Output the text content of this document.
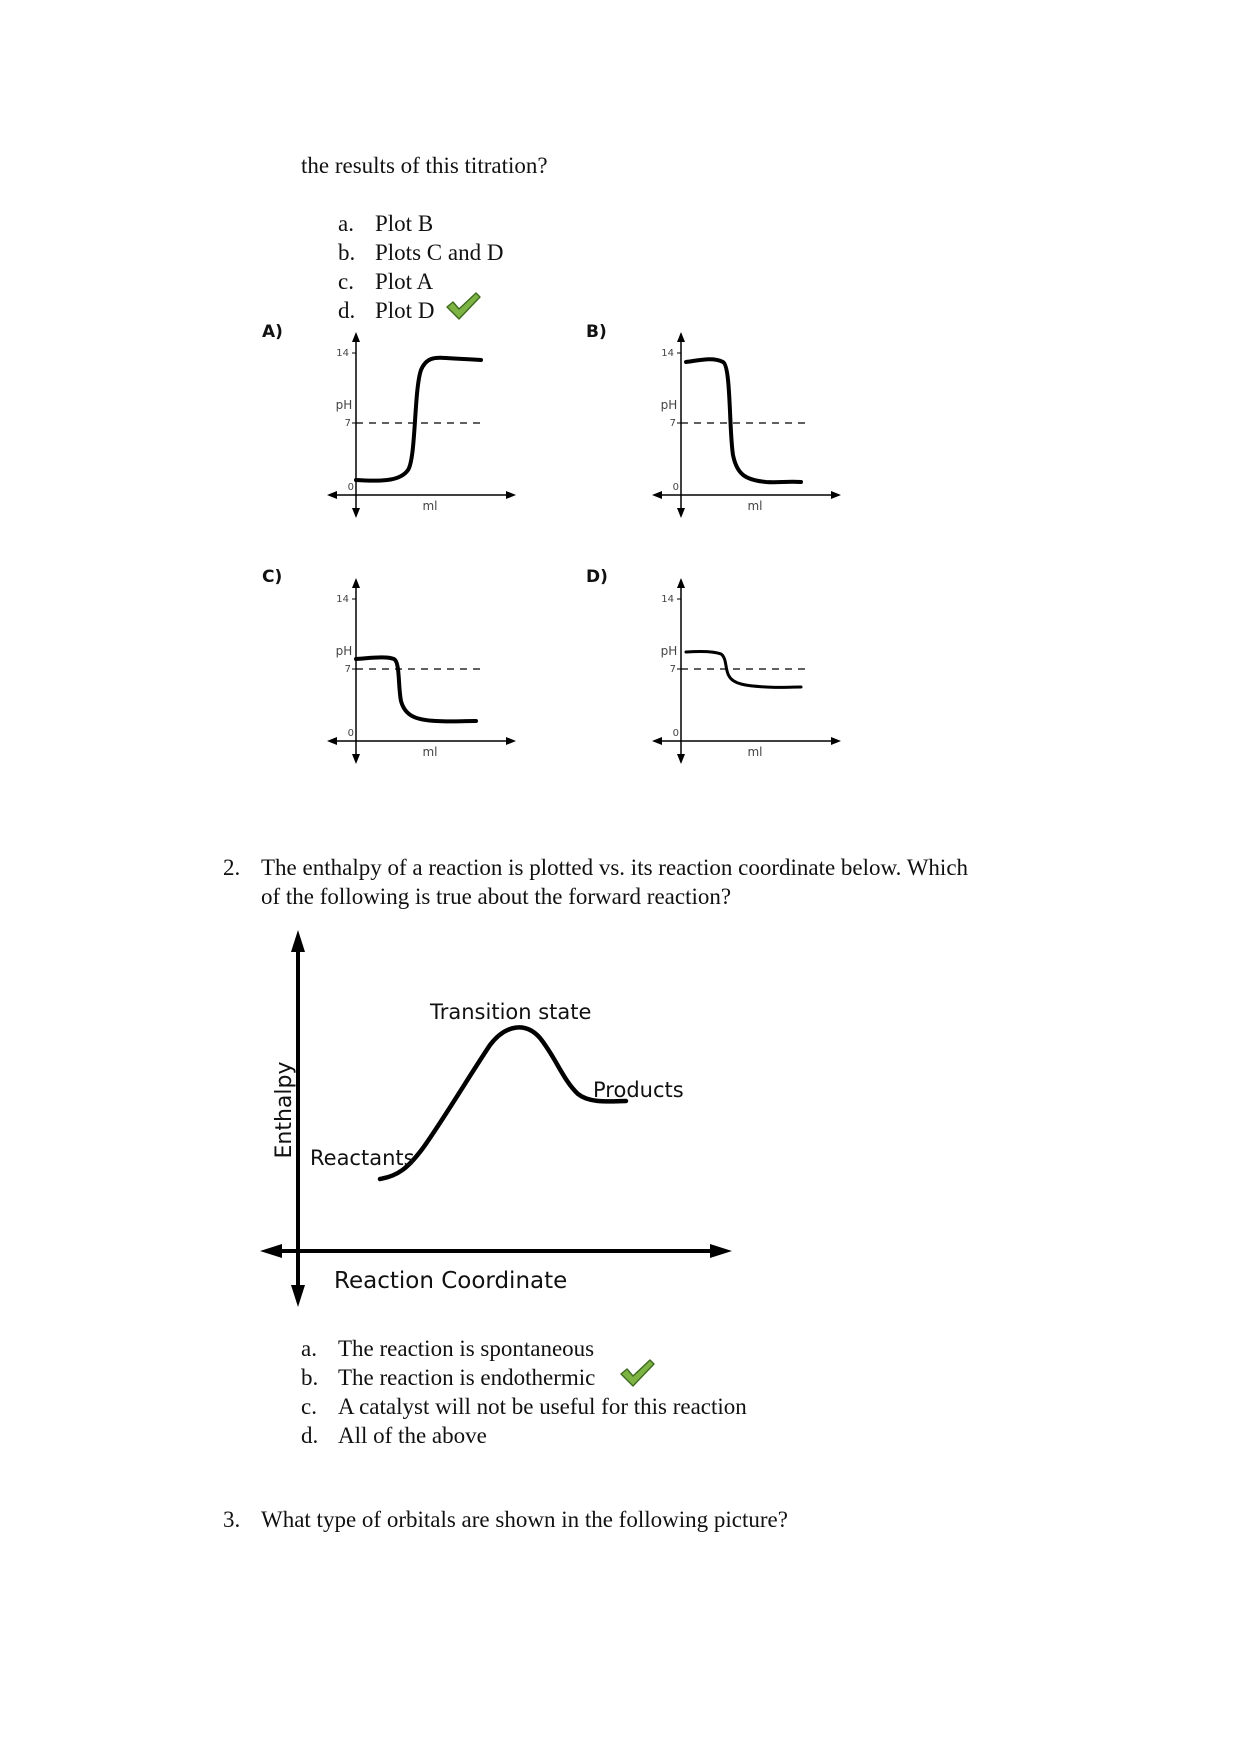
the results of this titration?
a. Plot B
b. Plots C and D
c. Plot A
d. Plot D
A)	B)
C)	D)
14
7
0
pH
ml
14
7
0
pH
ml
14
7
0
pH
ml
14
7
0
pH
ml
2. The enthalpy of a reaction is plotted vs. its reaction coordinate below. Which
of the following is true about the forward reaction?
Enthalpy
Reaction Coordinate
Transition state
Products
Reactants
a. The reaction is spontaneous
b. The reaction is endothermic
c. A catalyst will not be useful for this reaction
d. All of the above
3. What type of orbitals are shown in the following picture?
